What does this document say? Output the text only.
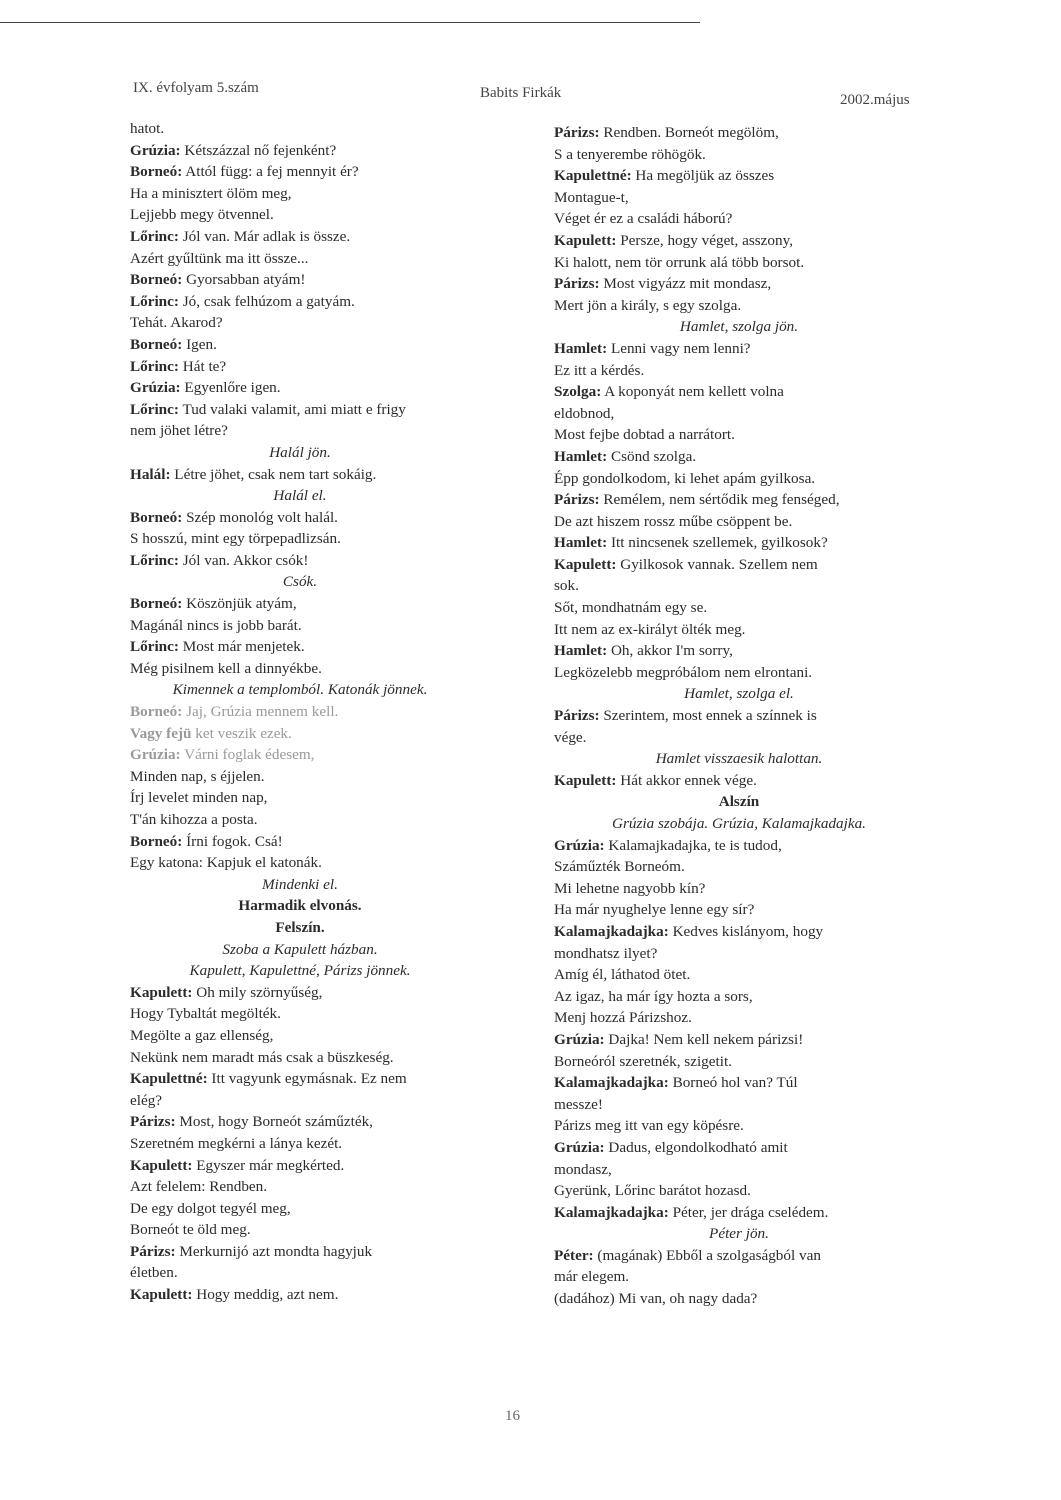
IX. évfolyam 5.szám	Babits Firkák	2002.május
hatot.
Grúzia: Kétszázzal nő fejenként?
Borneó: Attól függ: a fej mennyit ér?
Ha a minisztert ölöm meg,
Lejjebb megy ötvennel.
Lőrinc: Jól van. Már adlak is össze.
Azért gyűltünk ma itt össze...
Borneó: Gyorsabban atyám!
Lőrinc: Jó, csak felhúzom a gatyám.
Tehát. Akarod?
Borneó: Igen.
Lőrinc: Hát te?
Grúzia: Egyenlőre igen.
Lőrinc: Tud valaki valamit, ami miatt e frigy
nem jöhet létre?
Halál jön.
Halál: Létre jöhet, csak nem tart sokáig.
Halál el.
Borneó: Szép monológ volt halál.
S hosszú, mint egy törpepadlizsán.
Lőrinc: Jól van. Akkor csók!
Csók.
Borneó: Köszönjük atyám,
Magánál nincs is jobb barát.
Lőrinc: Most már menjetek.
Még pisilnem kell a dinnyékbe.
Kimennek a templomból. Katonák jönnek.
Borneó: Jaj, Grúzia mennem kell.
Vagy fejü ket veszik ezek.
Grúzia: Várni foglak édesem,
Minden nap, s éjjelen.
Írj levelet minden nap,
T'án kihozza a posta.
Borneó: Írni fogok. Csá!
Egy katona: Kapjuk el katonák.
Mindenki el.
Harmadik elvonás.
Felszín.
Szoba a Kapulett házban.
Kapulett, Kapulettné, Párizs jönnek.
Kapulett: Oh mily szörnyűség,
Hogy Tybaltát megölték.
Megölte a gaz ellenség,
Nekünk nem maradt más csak a büszkeség.
Kapulettné: Itt vagyunk egymásnak. Ez nem
elég?
Párizs: Most, hogy Borneót száműzték,
Szeretném megkérni a lánya kezét.
Kapulett: Egyszer már megkérted.
Azt felelem: Rendben.
De egy dolgot tegyél meg,
Borneót te öld meg.
Párizs: Merkurnijó azt mondta hagyjuk
életben.
Kapulett: Hogy meddig, azt nem.
Párizs: Rendben. Borneót megölöm,
S a tenyerembe röhögök.
Kapulettné: Ha megöljük az összes
Montague-t,
Véget ér ez a családi háború?
Kapulett: Persze, hogy véget, asszony,
Ki halott, nem tör orrunk alá több borsot.
Párizs: Most vigyázz mit mondasz,
Mert jön a király, s egy szolga.
Hamlet, szolga jön.
Hamlet: Lenni vagy nem lenni?
Ez itt a kérdés.
Szolga: A koponyát nem kellett volna
eldobnod,
Most fejbe dobtad a narrátort.
Hamlet: Csönd szolga.
Épp gondolkodom, ki lehet apám gyilkosa.
Párizs: Remélem, nem sértődik meg fenséged,
De azt hiszem rossz műbe csöppent be.
Hamlet: Itt nincsenek szellemek, gyilkosok?
Kapulett: Gyilkosok vannak. Szellem nem
sok.
Sőt, mondhatnám egy se.
Itt nem az ex-királyt ölték meg.
Hamlet: Oh, akkor I'm sorry,
Legközelebb megpróbálom nem elrontani.
Hamlet, szolga el.
Párizs: Szerintem, most ennek a színnek is
vége.
Hamlet visszaesik halottan.
Kapulett: Hát akkor ennek vége.
Alszín
Grúzia szobája. Grúzia, Kalamajkadajka.
Grúzia: Kalamajkadajka, te is tudod,
Száműzték Borneóm.
Mi lehetne nagyobb kín?
Ha már nyughelye lenne egy sír?
Kalamajkadajka: Kedves kislányom, hogy
mondhatsz ilyet?
Amíg él, láthatod ötet.
Az igaz, ha már így hozta a sors,
Menj hozzá Párizshoz.
Grúzia: Dajka! Nem kell nekem párizsi!
Borneóról szeretnék, szigetit.
Kalamajkadajka: Borneó hol van? Túl
messze!
Párizs meg itt van egy köpésre.
Grúzia: Dadus, elgondolkodható amit
mondasz,
Gyerünk, Lőrinc barátot hozasd.
Kalamajkadajka: Péter, jer drága cselédem.
Péter jön.
Péter: (magának) Ebből a szolgaságból van
már elegem.
(dadához) Mi van, oh nagy dada?
16
